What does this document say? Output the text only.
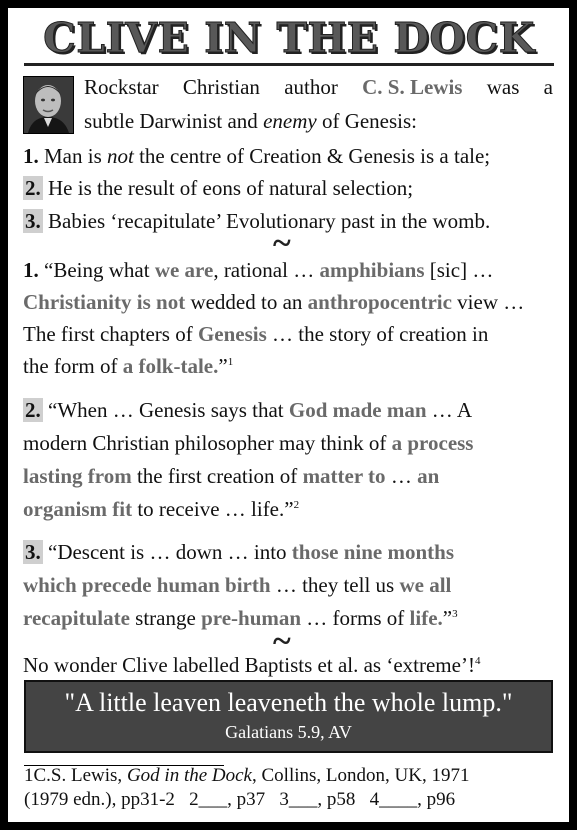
CLIVE IN THE DOCK
Rockstar Christian author C. S. Lewis was a
subtle Darwinist and enemy of Genesis:
1. Man is not the centre of Creation & Genesis is a tale;
2. He is the result of eons of natural selection;
3. Babies ‘recapitulate’ Evolutionary past in the womb.
~
1. “Being what we are, rational … amphibians [sic] …
Christianity is not wedded to an anthropocentric view …
The first chapters of Genesis … the story of creation in
the form of a folk-tale.”$^1$
2. “When … Genesis says that God made man … A
modern Christian philosopher may think of a process
lasting from the first creation of matter to … an
organism fit to receive … life.”$^2$
3. “Descent is … down … into those nine months
which precede human birth … they tell us we all
recapitulate strange pre-human … forms of life.”$^3$
~
No wonder Clive labelled Baptists et al. as ‘extreme’!$^4$
"A little leaven leaveneth the whole lump."
Galatians 5.9, AV
1C.S. Lewis, God in the Dock, Collins, London, UK, 1971
(1979 edn.), pp31-2   2___, p37   3___, p58   4____, p96
